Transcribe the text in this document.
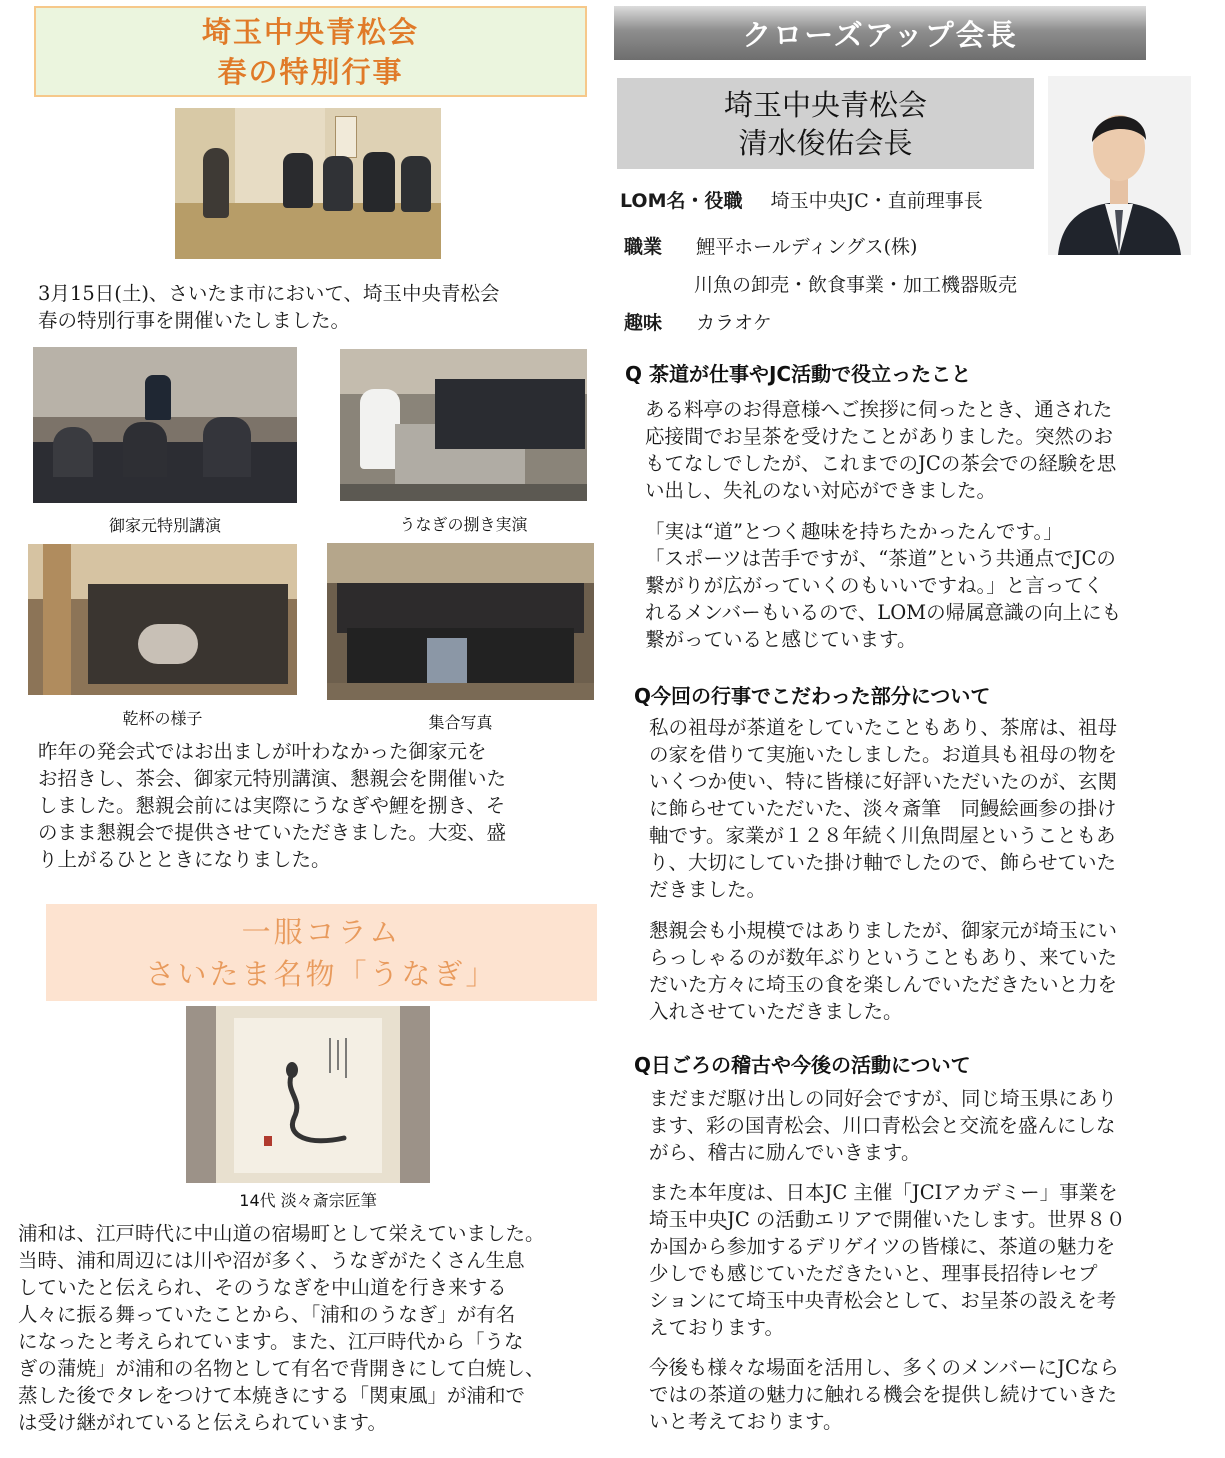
埼玉中央青松会
春の特別行事

3月15日(土)、さいたま市において、埼玉中央青松会

春の特別行事を開催いたしました。

御家元特別講演	うなぎの捌き実演
乾杯の様子	集合写真

昨年の発会式ではお出ましが叶わなかった御家元を

お招きし、茶会、御家元特別講演、懇親会を開催いた

しました。懇親会前には実際にうなぎや鯉を捌き、そ

のまま懇親会で提供させていただきました。大変、盛

り上がるひとときになりました。

一服コラム
さいたま名物「うなぎ」
14代 淡々斎宗匠筆

浦和は、江戸時代に中山道の宿場町として栄えていました。

当時、浦和周辺には川や沼が多く、うなぎがたくさん生息

していたと伝えられ、そのうなぎを中山道を行き来する

人々に振る舞っていたことから、「浦和のうなぎ」が有名

になったと考えられています。また、江戸時代から「うな

ぎの蒲焼」が浦和の名物として有名で背開きにして白焼し、

蒸した後でタレをつけて本焼きにする「関東風」が浦和で

は受け継がれていると伝えられています。

クローズアップ会長
埼玉中央青松会
清水俊佑会長
LOM名・役職 埼玉中央JC・直前理事長
職業 鯉平ホールディングス(株)
川魚の卸売・飲食事業・加工機器販売
趣味 カラオケ
Q 茶道が仕事やJC活動で役立ったこと

ある料亭のお得意様へご挨拶に伺ったとき、通された

応接間でお呈茶を受けたことがありました。突然のお

もてなしでしたが、これまでのJCの茶会での経験を思

い出し、失礼のない対応ができました。

「実は“道”とつく趣味を持ちたかったんです。」

「スポーツは苦手ですが、“茶道”という共通点でJCの

繋がりが広がっていくのもいいですね。」と言ってく

れるメンバーもいるので、LOMの帰属意識の向上にも

繋がっていると感じています。

Q今回の行事でこだわった部分について

私の祖母が茶道をしていたこともあり、茶席は、祖母

の家を借りて実施いたしました。お道具も祖母の物を

いくつか使い、特に皆様に好評いただいたのが、玄関

に飾らせていただいた、淡々斎筆　同鰻絵画参の掛け

軸です。家業が１２８年続く川魚問屋ということもあ

り、大切にしていた掛け軸でしたので、飾らせていた

だきました。

懇親会も小規模ではありましたが、御家元が埼玉にい

らっしゃるのが数年ぶりということもあり、来ていた

だいた方々に埼玉の食を楽しんでいただきたいと力を

入れさせていただきました。

Q日ごろの稽古や今後の活動について

まだまだ駆け出しの同好会ですが、同じ埼玉県にあり

ます、彩の国青松会、川口青松会と交流を盛んにしな

がら、稽古に励んでいきます。

また本年度は、日本JC 主催「JCIアカデミー」事業を

埼玉中央JC の活動エリアで開催いたします。世界８０

か国から参加するデリゲイツの皆様に、茶道の魅力を

少しでも感じていただきたいと、理事長招待レセプ

ションにて埼玉中央青松会として、お呈茶の設えを考

えております。

今後も様々な場面を活用し、多くのメンバーにJCなら

ではの茶道の魅力に触れる機会を提供し続けていきた

いと考えております。
